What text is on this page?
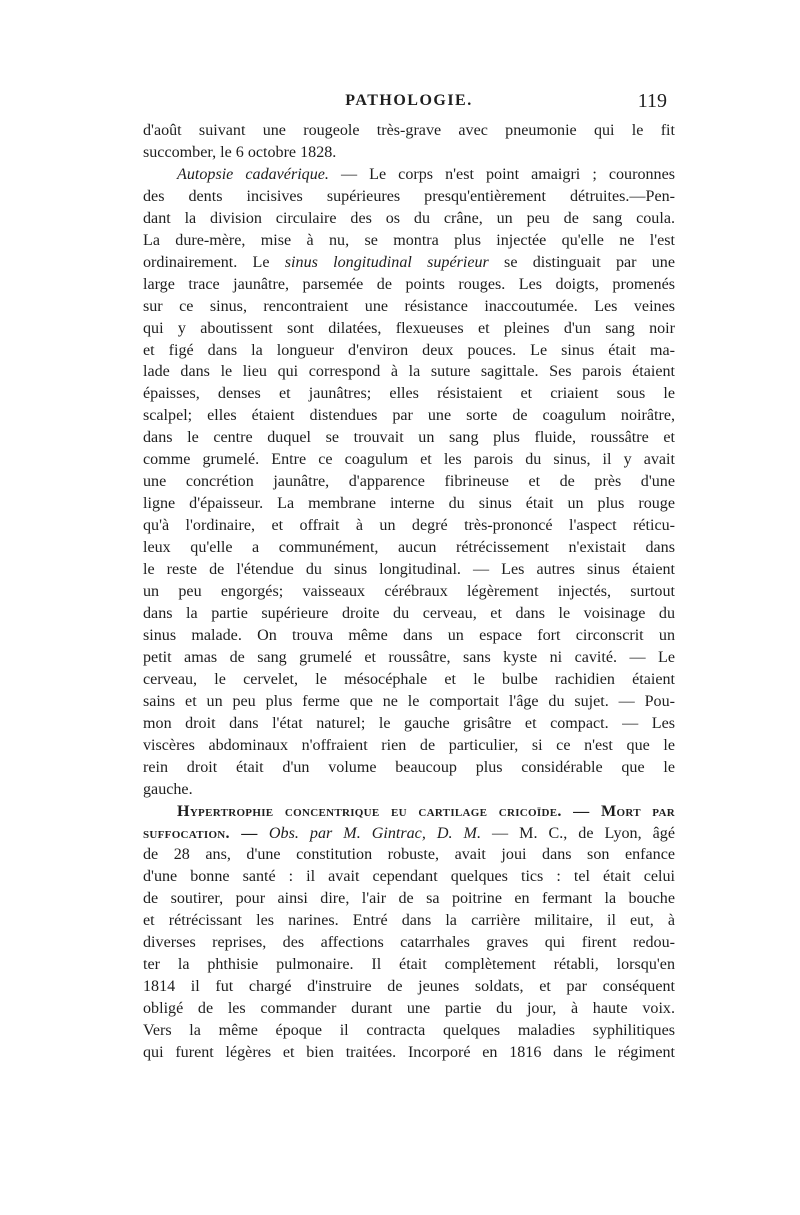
PATHOLOGIE.	119
d'août suivant une rougeole très-grave avec pneumonie qui le fit
succomber, le 6 octobre 1828.
Autopsie cadavérique. — Le corps n'est point amaigri ; couronnes
des dents incisives supérieures presqu'entièrement détruites.—Pen-
dant la division circulaire des os du crâne, un peu de sang coula.
La dure-mère, mise à nu, se montra plus injectée qu'elle ne l'est
ordinairement. Le sinus longitudinal supérieur se distinguait par une
large trace jaunâtre, parsemée de points rouges. Les doigts, promenés
sur ce sinus, rencontraient une résistance inaccoutumée. Les veines
qui y aboutissent sont dilatées, flexueuses et pleines d'un sang noir
et figé dans la longueur d'environ deux pouces. Le sinus était ma-
lade dans le lieu qui correspond à la suture sagittale. Ses parois étaient
épaisses, denses et jaunâtres; elles résistaient et criaient sous le
scalpel; elles étaient distendues par une sorte de coagulum noirâtre,
dans le centre duquel se trouvait un sang plus fluide, roussâtre et
comme grumelé. Entre ce coagulum et les parois du sinus, il y avait
une concrétion jaunâtre, d'apparence fibrineuse et de près d'une
ligne d'épaisseur. La membrane interne du sinus était un plus rouge
qu'à l'ordinaire, et offrait à un degré très-prononcé l'aspect réticu-
leux qu'elle a communément, aucun rétrécissement n'existait dans
le reste de l'étendue du sinus longitudinal. — Les autres sinus étaient
un peu engorgés; vaisseaux cérébraux légèrement injectés, surtout
dans la partie supérieure droite du cerveau, et dans le voisinage du
sinus malade. On trouva même dans un espace fort circonscrit un
petit amas de sang grumelé et roussâtre, sans kyste ni cavité. — Le
cerveau, le cervelet, le mésocéphale et le bulbe rachidien étaient
sains et un peu plus ferme que ne le comportait l'âge du sujet. — Pou-
mon droit dans l'état naturel; le gauche grisâtre et compact. — Les
viscères abdominaux n'offraient rien de particulier, si ce n'est que le
rein droit était d'un volume beaucoup plus considérable que le
gauche.
Hypertrophie concentrique eu cartilage cricoïde. — Mort par
suffocation. — Obs. par M. Gintrac, D. M. — M. C., de Lyon, âgé
de 28 ans, d'une constitution robuste, avait joui dans son enfance
d'une bonne santé : il avait cependant quelques tics : tel était celui
de soutirer, pour ainsi dire, l'air de sa poitrine en fermant la bouche
et rétrécissant les narines. Entré dans la carrière militaire, il eut, à
diverses reprises, des affections catarrhales graves qui firent redou-
ter la phthisie pulmonaire. Il était complètement rétabli, lorsqu'en
1814 il fut chargé d'instruire de jeunes soldats, et par conséquent
obligé de les commander durant une partie du jour, à haute voix.
Vers la même époque il contracta quelques maladies syphilitiques
qui furent légères et bien traitées. Incorporé en 1816 dans le régiment
